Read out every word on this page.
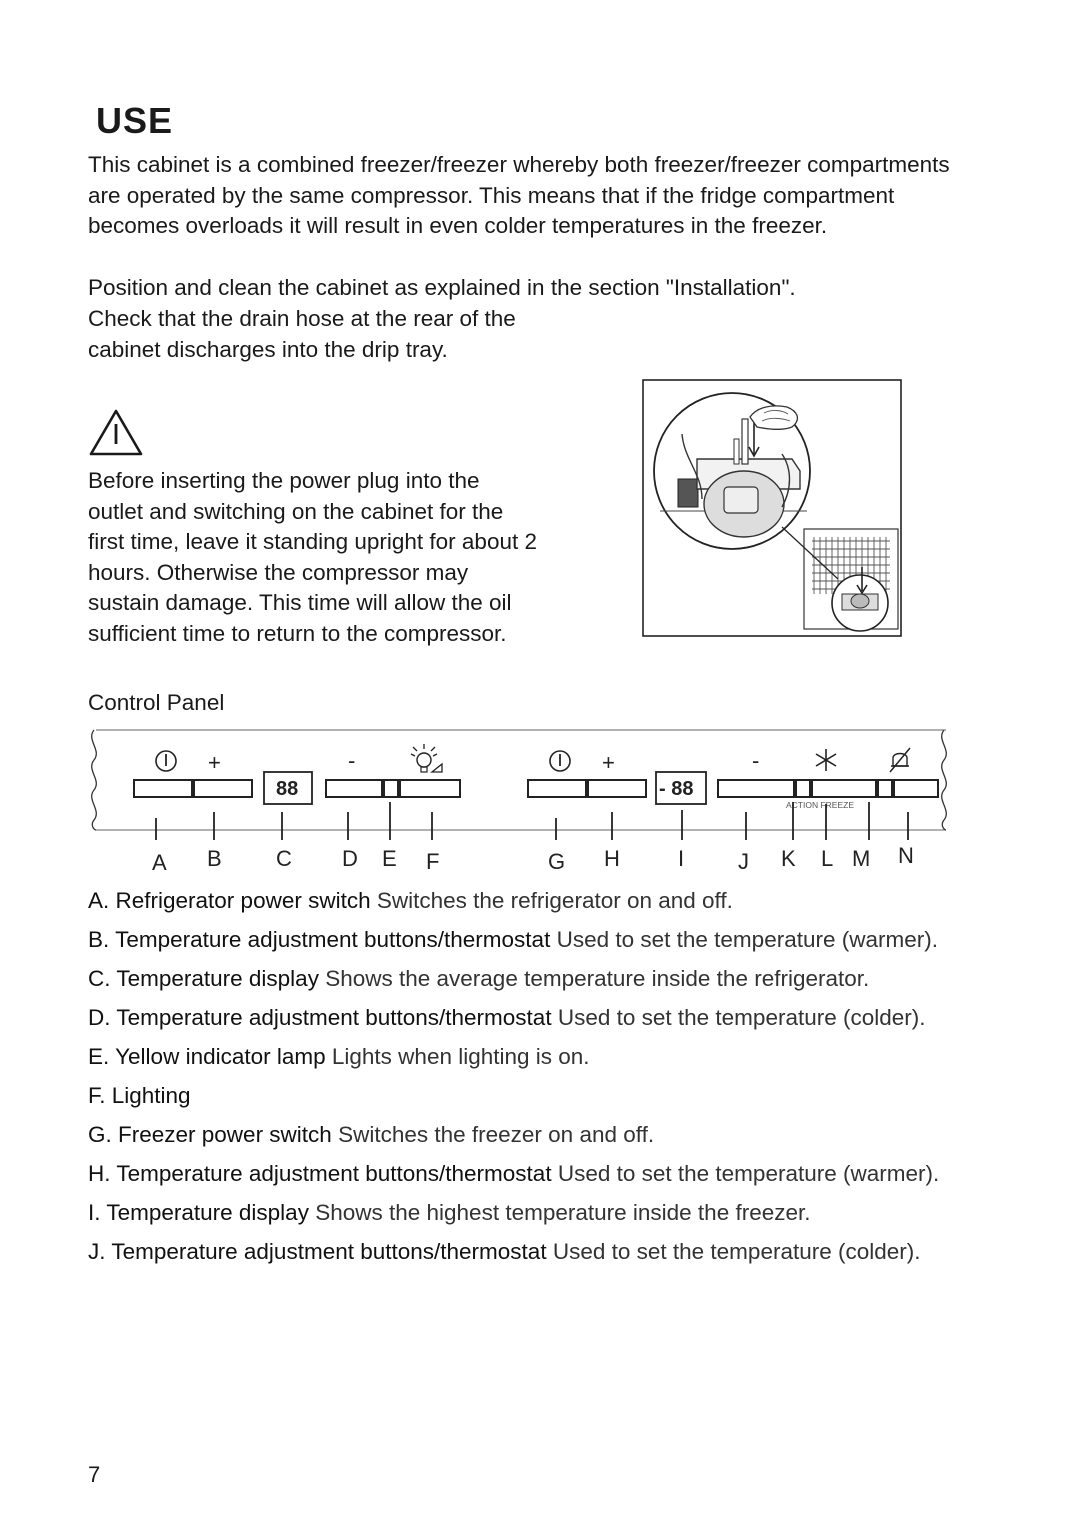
USE

This cabinet is a combined freezer/freezer whereby both freezer/freezer compartments are operated by the same compressor. This means that if the fridge compartment becomes overloads it will result in even colder temperatures in the freezer.

Position and clean the cabinet as explained in the section "Installation".

Check that the drain hose at the rear of the cabinet discharges into the drip tray.

Before inserting the power plug into the outlet and switching on the cabinet for the first time, leave it standing upright for about 2 hours. Otherwise the compressor may sustain damage. This time will allow the oil sufficient time to return to the compressor.

Control Panel

+
88
-	+
- 88
-
ACTION FREEZE
A B C D E F	G H	I J K L M N

A. Refrigerator power switch Switches the refrigerator on and off.

B. Temperature adjustment buttons/thermostat Used to set the temperature (warmer).

C. Temperature display Shows the average temperature inside the refrigerator.

D. Temperature adjustment buttons/thermostat Used to set the temperature (colder).

E. Yellow indicator lamp Lights when lighting is on.

F. Lighting

G. Freezer power switch Switches the freezer on and off.

H. Temperature adjustment buttons/thermostat Used to set the temperature (warmer).

I. Temperature display Shows the highest temperature inside the freezer.

J. Temperature adjustment buttons/thermostat Used to set the temperature (colder).

7
